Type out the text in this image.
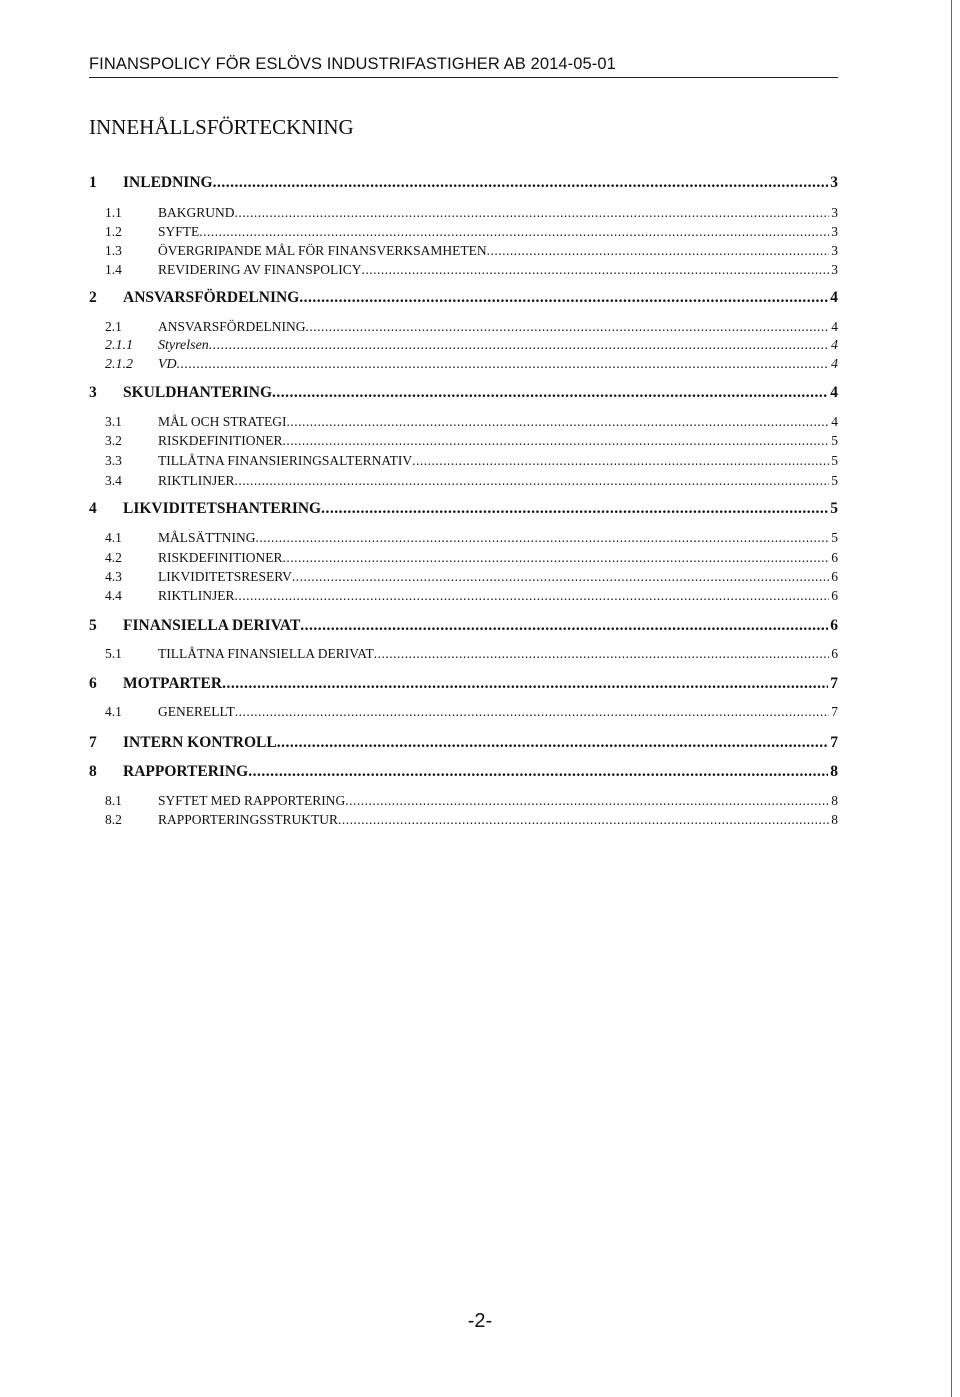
FINANSPOLICY FÖR ESLÖVS INDUSTRIFASTIGHER AB 2014-05-01
INNEHÅLLSFÖRTECKNING
1 INLEDNING .....	3
1.1	BAKGRUND .....	3
1.2	SYFTE .....	3
1.3	ÖVERGRIPANDE MÅL FÖR FINANSVERKSAMHETEN .....	3
1.4	REVIDERING AV FINANSPOLICY .....	3
2 ANSVARSFÖRDELNING .....	4
2.1	ANSVARSFÖRDELNING .....	4
2.1.1 Styrelsen .....	4
2.1.2 VD .....	4
3 SKULDHANTERING .....	4
3.1	MÅL OCH STRATEGI .....	4
3.2	RISKDEFINITIONER .....	5
3.3	TILLÅTNA FINANSIERINGSALTERNATIV .....	5
3.4	RIKTLINJER .....	5
4 LIKVIDITETSHANTERING .....	5
4.1	MÅLSÄTTNING .....	5
4.2	RISKDEFINITIONER .....	6
4.3	LIKVIDITETSRESERV .....	6
4.4	RIKTLINJER .....	6
5 FINANSIELLA DERIVAT .....	6
5.1	TILLÅTNA FINANSIELLA DERIVAT .....	6
6 MOTPARTER .....	7
4.1	GENERELLT .....	7
7 INTERN KONTROLL .....	7
8 RAPPORTERING .....	8
8.1	SYFTET MED RAPPORTERING .....	8
8.2	RAPPORTERINGSSTRUKTUR .....	8
-2-
